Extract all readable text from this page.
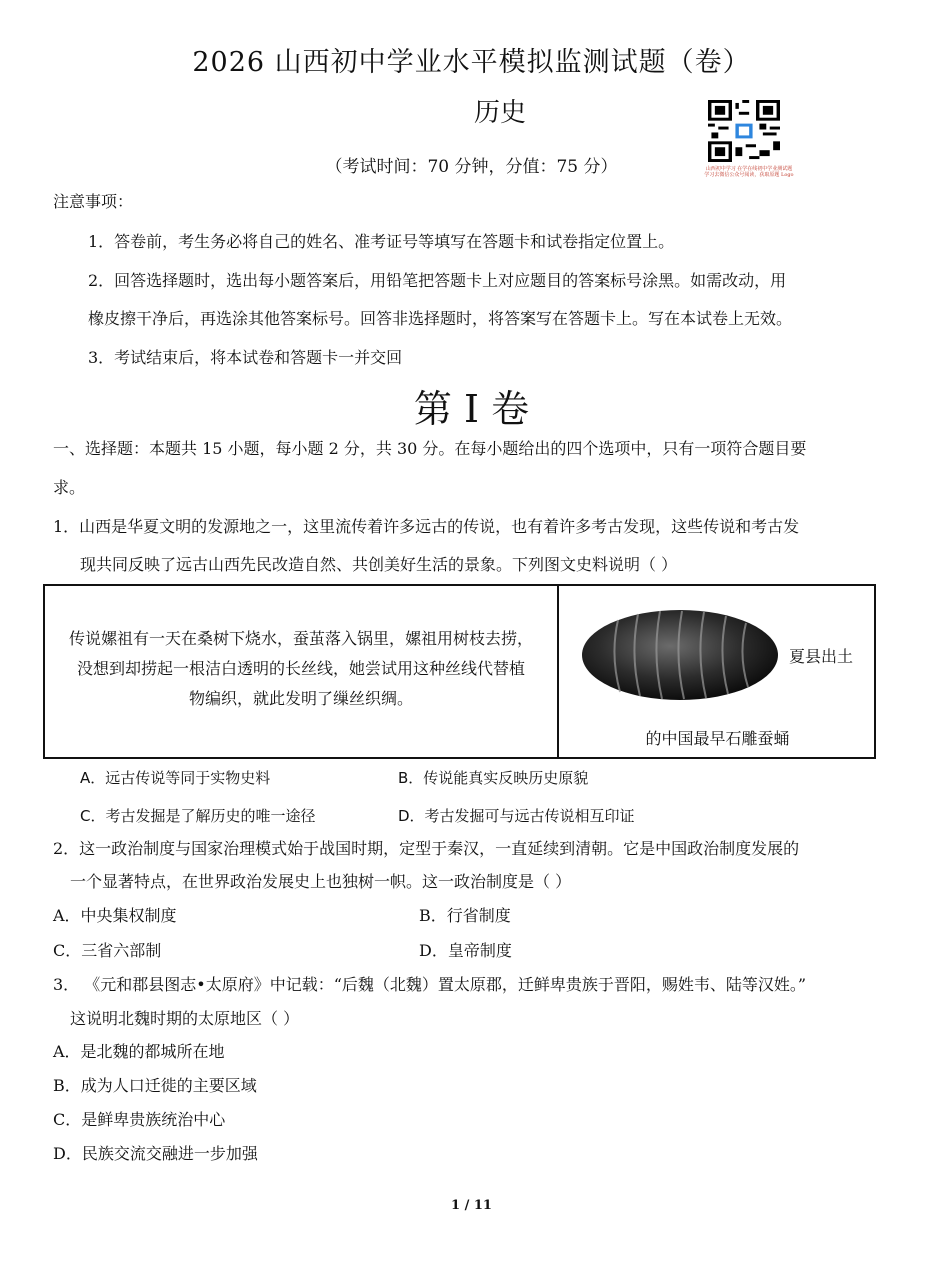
2026 山西初中学业水平模拟监测试题（卷）
历史
（考试时间：70 分钟，分值：75 分）	山西初中学习 在学在线初中学业测试题 学习去微信公众号阅读，获取原题 Logo
注意事项：
1．答卷前，考生务必将自己的姓名、准考证号等填写在答题卡和试卷指定位置上。
2．回答选择题时，选出每小题答案后，用铅笔把答题卡上对应题目的答案标号涂黑。如需改动，用
橡皮擦干净后，再选涂其他答案标号。回答非选择题时，将答案写在答题卡上。写在本试卷上无效。
3．考试结束后，将本试卷和答题卡一并交回
第 I 卷
一、选择题：本题共 15 小题，每小题 2 分，共 30 分。在每小题给出的四个选项中，只有一项符合题目要
求。
1．山西是华夏文明的发源地之一，这里流传着许多远古的传说，也有着许多考古发现，这些传说和考古发
现共同反映了远古山西先民改造自然、共创美好生活的景象。下列图文史料说明（ ）
传说嫘祖有一天在桑树下烧水，蚕茧落入锅里，嫘祖用树枝去捞，
没想到却捞起一根洁白透明的长丝线，她尝试用这种丝线代替植
物编织，就此发明了缫丝织绸。
夏县出土
的中国最早石雕蚕蛹
A．远古传说等同于实物史料	B．传说能真实反映历史原貌
C．考古发掘是了解历史的唯一途径	D．考古发掘可与远古传说相互印证
2．这一政治制度与国家治理模式始于战国时期，定型于秦汉，一直延续到清朝。它是中国政治制度发展的
一个显著特点，在世界政治发展史上也独树一帜。这一政治制度是（ ）
A．中央集权制度	B．行省制度
C．三省六部制	D．皇帝制度
3． 《元和郡县图志•太原府》中记载：“后魏（北魏）置太原郡，迁鲜卑贵族于晋阳，赐姓韦、陆等汉姓。”
这说明北魏时期的太原地区（ ）
A．是北魏的都城所在地
B．成为人口迁徙的主要区域
C．是鲜卑贵族统治中心
D．民族交流交融进一步加强
1 / 11
